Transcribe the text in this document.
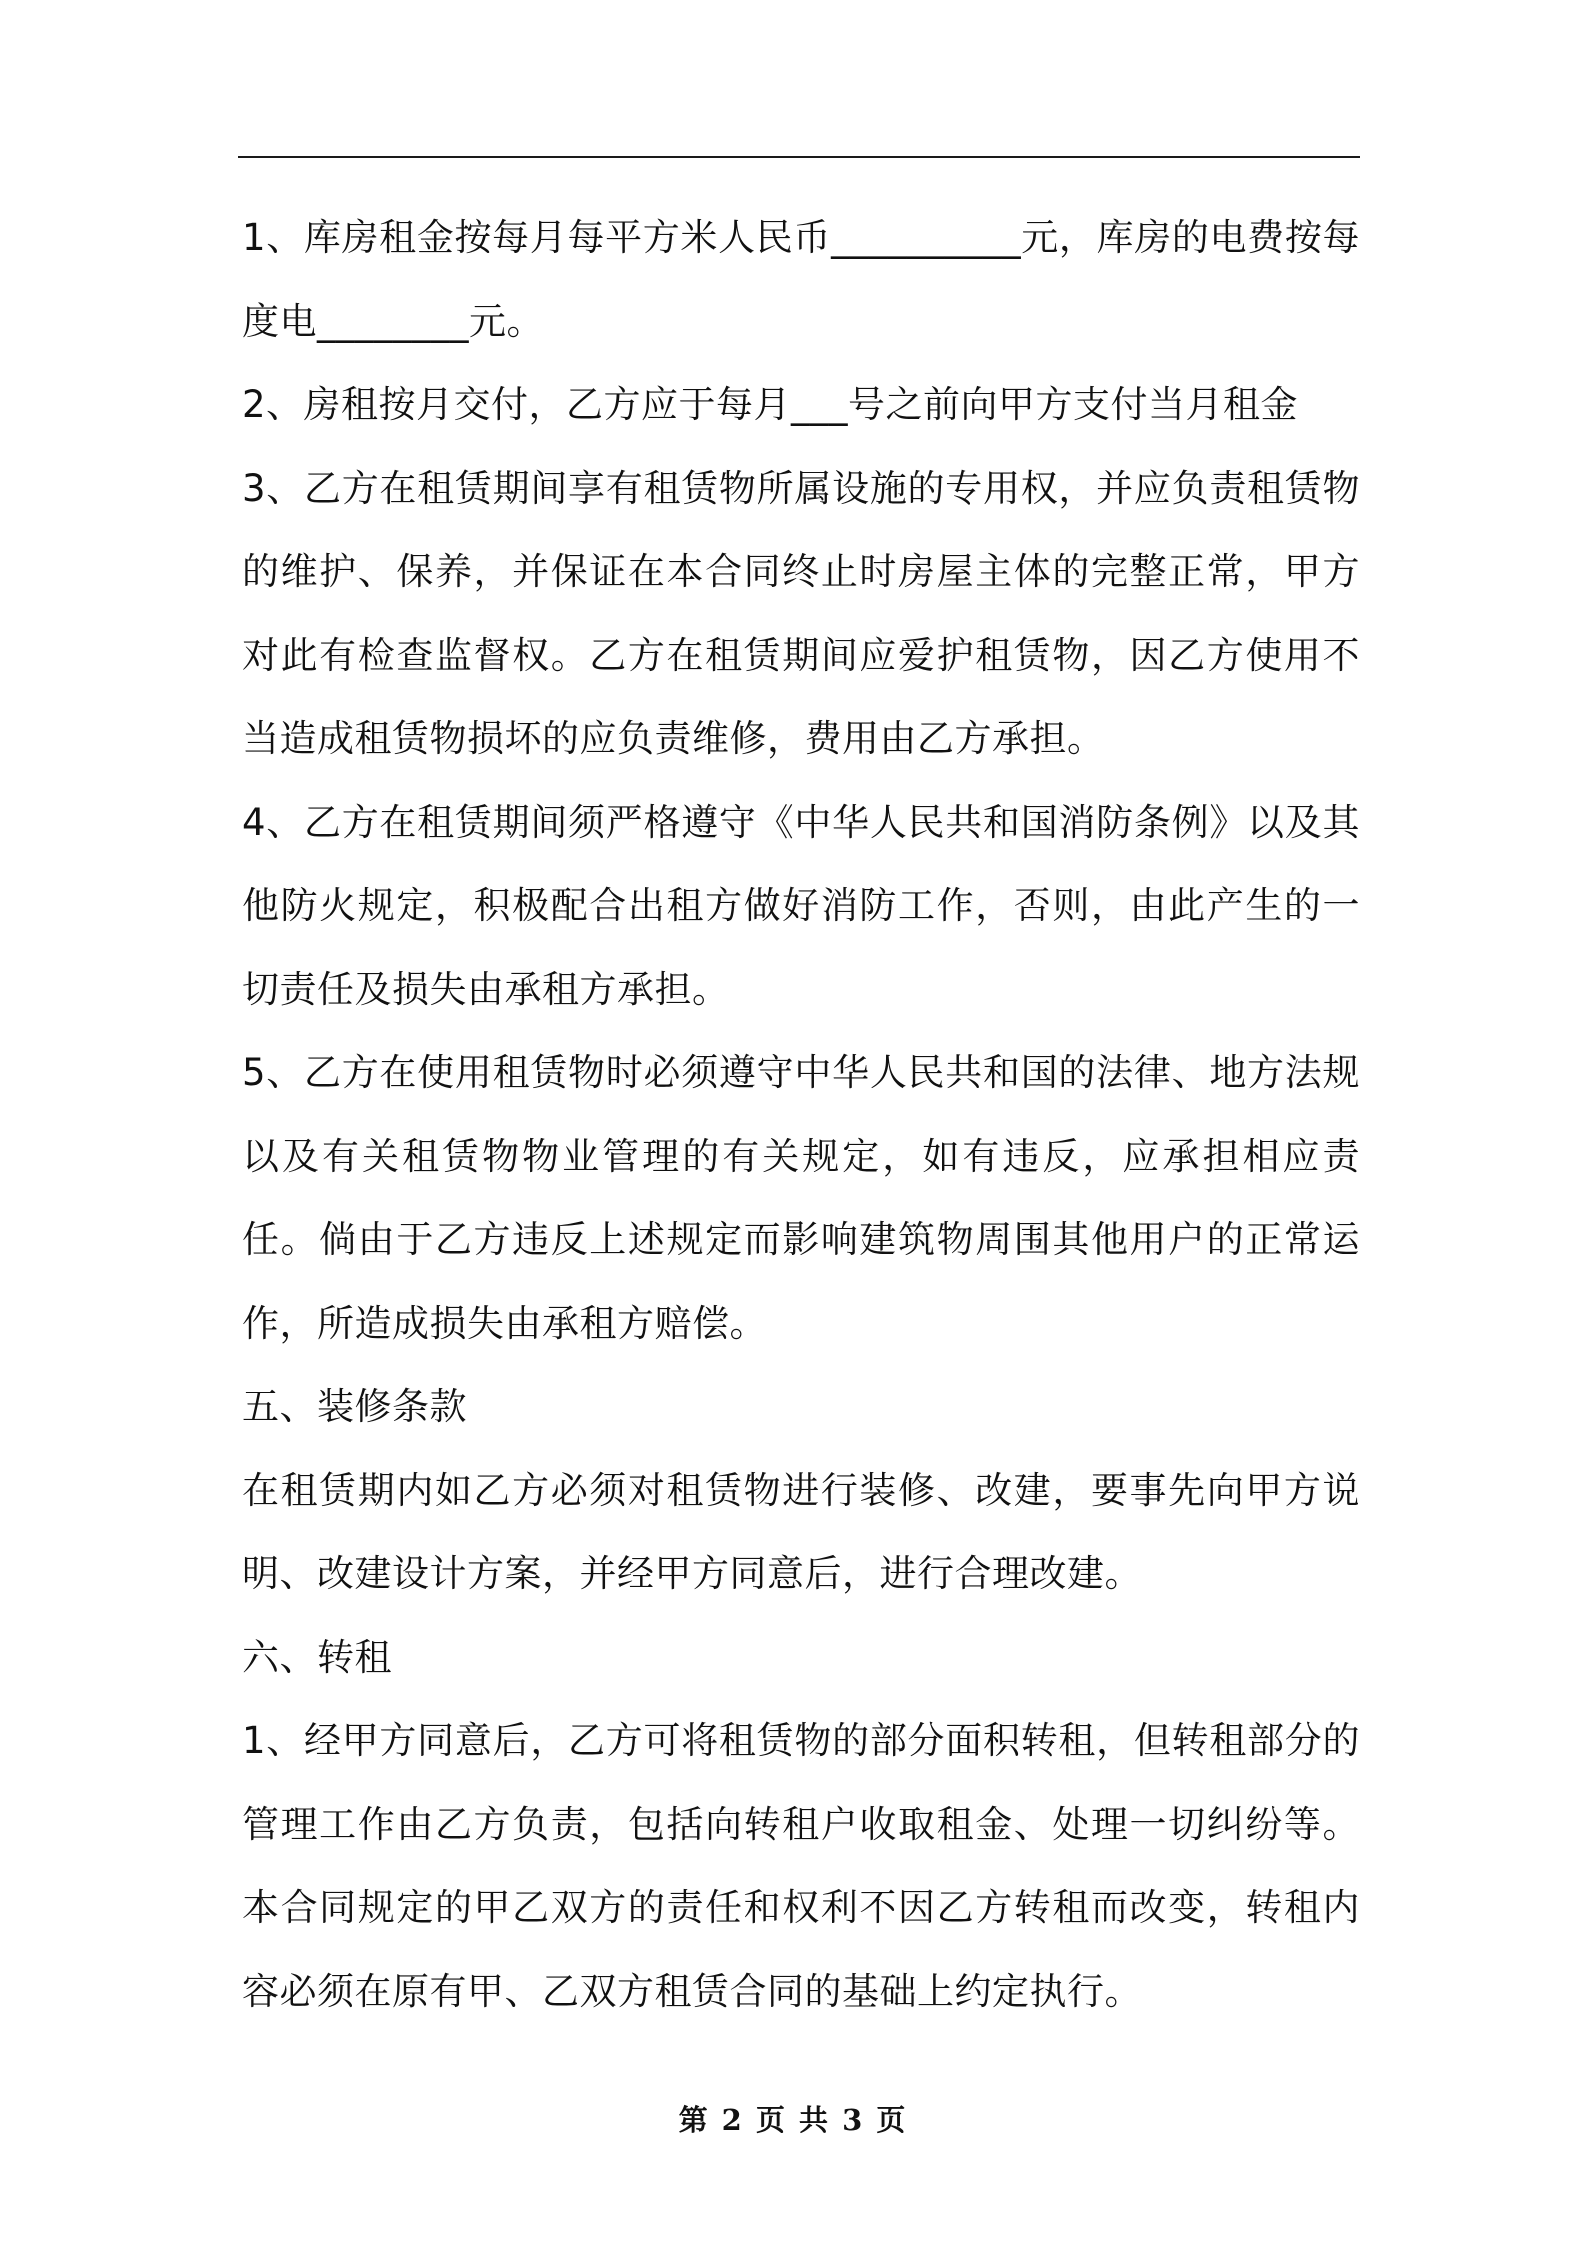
1、库房租金按每月每平方米人民币__________元，库房的电费按每度电________元。

2、房租按月交付，乙方应于每月___号之前向甲方支付当月租金

3、乙方在租赁期间享有租赁物所属设施的专用权，并应负责租赁物的维护、保养，并保证在本合同终止时房屋主体的完整正常，甲方对此有检查监督权。乙方在租赁期间应爱护租赁物，因乙方使用不当造成租赁物损坏的应负责维修，费用由乙方承担。

4、乙方在租赁期间须严格遵守《中华人民共和国消防条例》以及其他防火规定，积极配合出租方做好消防工作，否则，由此产生的一切责任及损失由承租方承担。

5、乙方在使用租赁物时必须遵守中华人民共和国的法律、地方法规以及有关租赁物物业管理的有关规定，如有违反，应承担相应责任。倘由于乙方违反上述规定而影响建筑物周围其他用户的正常运作，所造成损失由承租方赔偿。

五、装修条款

在租赁期内如乙方必须对租赁物进行装修、改建，要事先向甲方说明、改建设计方案，并经甲方同意后，进行合理改建。

六、转租

1、经甲方同意后，乙方可将租赁物的部分面积转租，但转租部分的管理工作由乙方负责，包括向转租户收取租金、处理一切纠纷等。本合同规定的甲乙双方的责任和权利不因乙方转租而改变，转租内容必须在原有甲、乙双方租赁合同的基础上约定执行。

第 2 页 共 3 页
